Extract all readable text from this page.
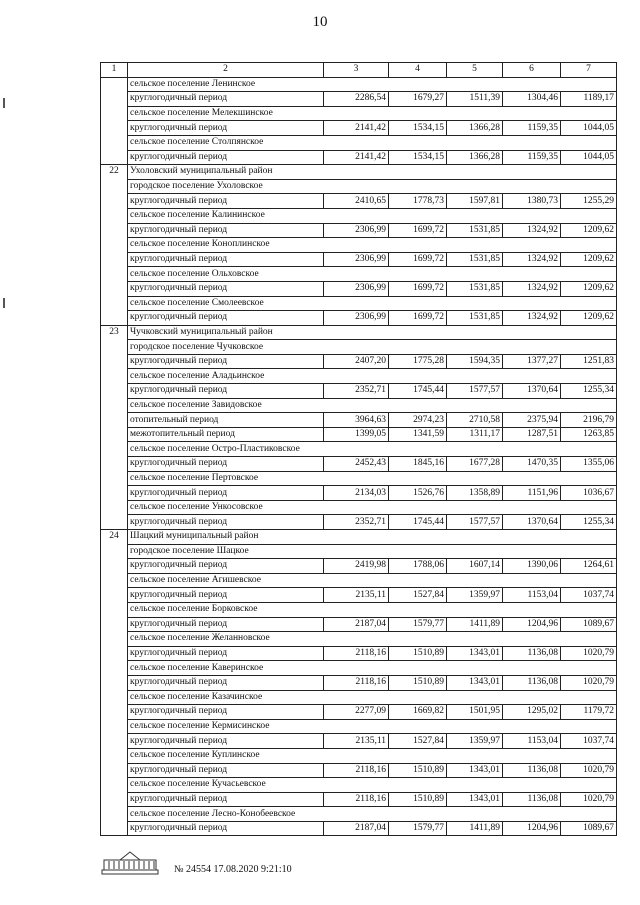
10
1	2	3	4	5	6	7
	сельское поселение Ленинское					
	круглогодичный период	2286,54	1679,27	1511,39	1304,46	1189,17
	сельское поселение Мелекшинское					
	круглогодичный период	2141,42	1534,15	1366,28	1159,35	1044,05
	сельское поселение Столпянское					
	круглогодичный период	2141,42	1534,15	1366,28	1159,35	1044,05
22	Ухоловский муниципальный район					
	городское поселение Ухоловское					
	круглогодичный период	2410,65	1778,73	1597,81	1380,73	1255,29
	сельское поселение Калининское					
	круглогодичный период	2306,99	1699,72	1531,85	1324,92	1209,62
	сельское поселение Коноплинское					
	круглогодичный период	2306,99	1699,72	1531,85	1324,92	1209,62
	сельское поселение Ольховское					
	круглогодичный период	2306,99	1699,72	1531,85	1324,92	1209,62
	сельское поселение Смолеевское					
	круглогодичный период	2306,99	1699,72	1531,85	1324,92	1209,62
23	Чучковский муниципальный район					
	городское поселение Чучковское					
	круглогодичный период	2407,20	1775,28	1594,35	1377,27	1251,83
	сельское поселение Аладьинское					
	круглогодичный период	2352,71	1745,44	1577,57	1370,64	1255,34
	сельское поселение Завидовское					
	отопительный период	3964,63	2974,23	2710,58	2375,94	2196,79
	межотопительный период	1399,05	1341,59	1311,17	1287,51	1263,85
	сельское поселение Остро-Пластиковское					
	круглогодичный период	2452,43	1845,16	1677,28	1470,35	1355,06
	сельское поселение Пертовское					
	круглогодичный период	2134,03	1526,76	1358,89	1151,96	1036,67
	сельское поселение Ункосовское					
	круглогодичный период	2352,71	1745,44	1577,57	1370,64	1255,34
24	Шацкий муниципальный район					
	городское поселение Шацкое					
	круглогодичный период	2419,98	1788,06	1607,14	1390,06	1264,61
	сельское поселение Агишевское					
	круглогодичный период	2135,11	1527,84	1359,97	1153,04	1037,74
	сельское поселение Борковское					
	круглогодичный период	2187,04	1579,77	1411,89	1204,96	1089,67
	сельское поселение Желанновское					
	круглогодичный период	2118,16	1510,89	1343,01	1136,08	1020,79
	сельское поселение Каверинское					
	круглогодичный период	2118,16	1510,89	1343,01	1136,08	1020,79
	сельское поселение Казачинское					
	круглогодичный период	2277,09	1669,82	1501,95	1295,02	1179,72
	сельское поселение Кермисинское					
	круглогодичный период	2135,11	1527,84	1359,97	1153,04	1037,74
	сельское поселение Куплинское					
	круглогодичный период	2118,16	1510,89	1343,01	1136,08	1020,79
	сельское поселение Кучасьевское					
	круглогодичный период	2118,16	1510,89	1343,01	1136,08	1020,79
	сельское поселение Лесно-Конобеевское					
	круглогодичный период	2187,04	1579,77	1411,89	1204,96	1089,67
№ 24554 17.08.2020 9:21:10
